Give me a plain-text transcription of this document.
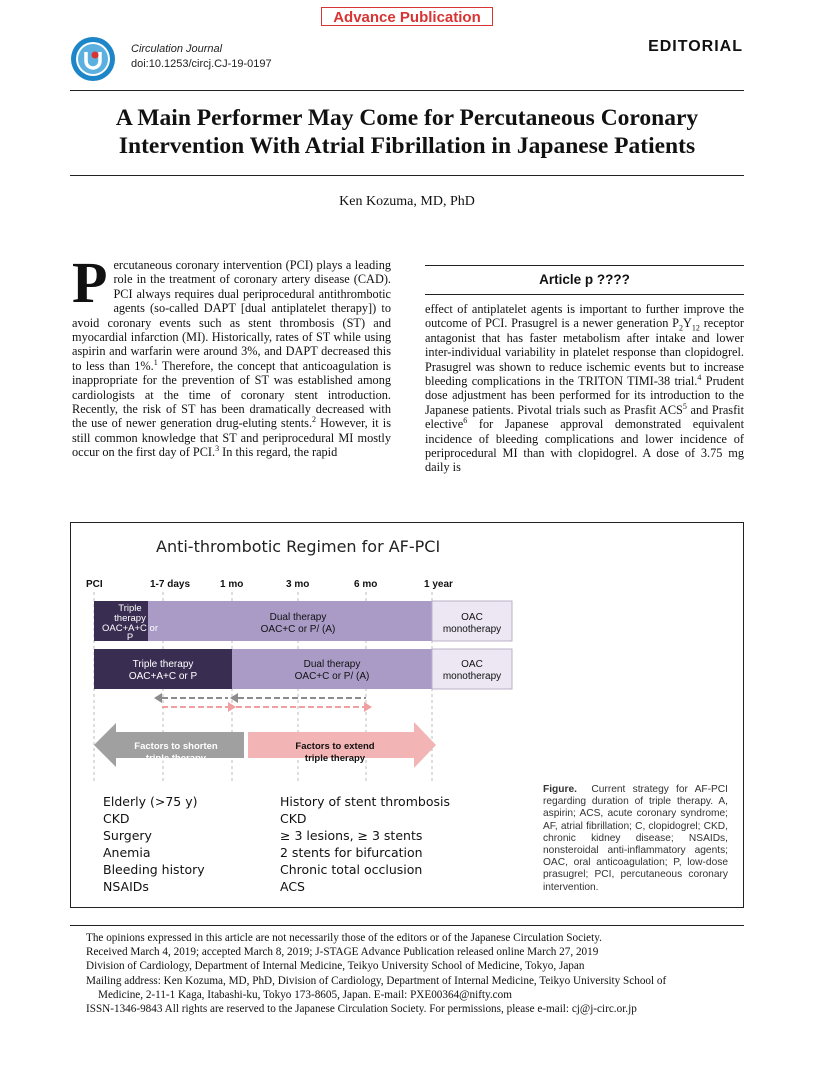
Advance Publication
Circulation Journal
doi:10.1253/circj.CJ-19-0197
EDITORIAL
A Main Performer May Come for Percutaneous Coronary
Intervention With Atrial Fibrillation in Japanese Patients
Ken Kozuma, MD, PhD
Percutaneous coronary intervention (PCI) plays a leading role in the treatment of coronary artery disease (CAD). PCI always requires dual periprocedural antithrombotic agents (so-called DAPT [dual antiplatelet therapy]) to avoid coronary events such as stent thrombosis (ST) and myocardial infarction (MI). Historically, rates of ST while using aspirin and warfarin were around 3%, and DAPT decreased this to less than 1%.$^1$ Therefore, the concept that anticoagulation is inappropriate for the prevention of ST was established among cardiologists at the time of coronary stent introduction. Recently, the risk of ST has been dramatically decreased with the use of newer generation drug-eluting stents.$^2$ However, it is still common knowledge that ST and periprocedural MI mostly occur on the first day of PCI.$^3$ In this regard, the rapid
Article p ????
effect of antiplatelet agents is important to further improve the outcome of PCI. Prasugrel is a newer generation $P_2Y_{12}$ receptor antagonist that has faster metabolism after intake and lower inter-individual variability in platelet response than clopidogrel. Prasugrel was shown to reduce ischemic events but to increase bleeding complications in the TRITON TIMI-38 trial.$^4$ Prudent dose adjustment has been performed for its introduction to the Japanese patients. Pivotal trials such as Prasfit ACS$^5$ and Prasfit elective$^6$ for Japanese approval demonstrated equivalent incidence of bleeding complications and lower incidence of periprocedural MI than with clopidogrel. A dose of 3.75 mg daily is
Anti-thrombotic Regimen for AF-PCI
PCI	1-7 days	1 mo	3 mo	6 mo	1 year
Triple
therapy
OAC+A+C or
P
Dual therapy
OAC+C or P/ (A)
OAC
monotherapy
Triple therapy
OAC+A+C or P
Dual therapy
OAC+C or P/ (A)
OAC
monotherapy
Factors to shorten
triple therapy
Factors to extend
triple therapy
Elderly (>75 y)
CKD
Surgery
Anemia
Bleeding history
NSAIDs
History of stent thrombosis
CKD
≥ 3 lesions, ≥ 3 stents
2 stents for bifurcation
Chronic total occlusion
ACS
Figure. Current strategy for AF-PCI regarding duration of triple therapy. A, aspirin; ACS, acute coronary syndrome; AF, atrial fibrillation; C, clopidogrel; CKD, chronic kidney disease; NSAIDs, nonsteroidal anti-inflammatory agents; OAC, oral anticoagulation; P, low-dose prasugrel; PCI, percutaneous coronary intervention.
The opinions expressed in this article are not necessarily those of the editors or of the Japanese Circulation Society.
Received March 4, 2019; accepted March 8, 2019; J-STAGE Advance Publication released online March 27, 2019
Division of Cardiology, Department of Internal Medicine, Teikyo University School of Medicine, Tokyo, Japan
Mailing address: Ken Kozuma, MD, PhD, Division of Cardiology, Department of Internal Medicine, Teikyo University School of
Medicine, 2-11-1 Kaga, Itabashi-ku, Tokyo 173-8605, Japan. E-mail: PXE00364@nifty.com
ISSN-1346-9843 All rights are reserved to the Japanese Circulation Society. For permissions, please e-mail: cj@j-circ.or.jp
